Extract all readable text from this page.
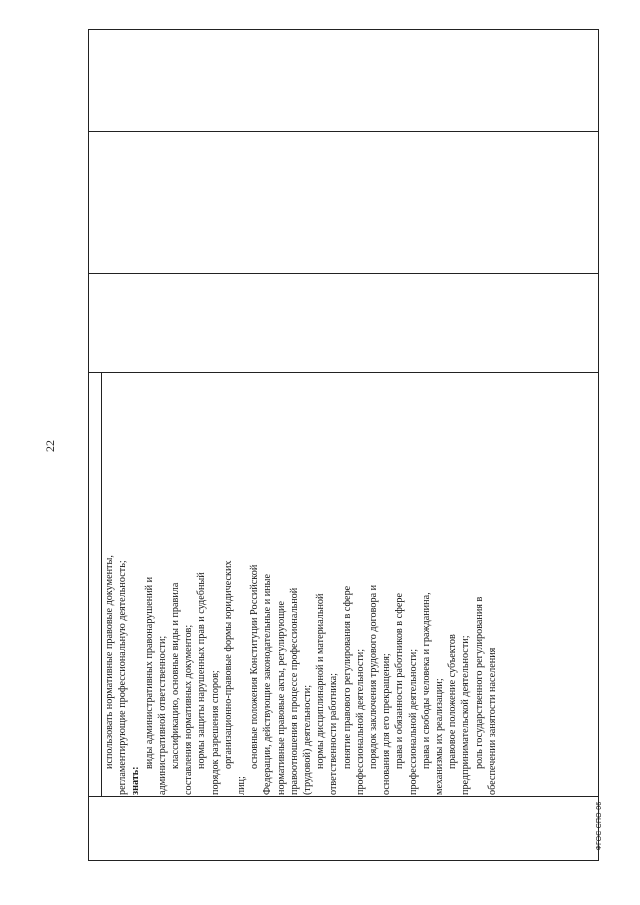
22

использовать нормативные правовые документы, регламентирующие профессиональную деятельность; знать:

виды административных правонарушений и административной ответственности; классификацию, основные виды и правила составления нормативных документов; нормы защиты нарушенных прав и судебный порядок разрешения споров; организационно-правовые формы юридических

лиц;

основные положения Конституции Российской Федерации, действующие законодательные и иные нормативные правовые акты, регулирующие правоотношения в процессе профессиональной (трудовой) деятельности; нормы дисциплинарной и материальной ответственности работника; понятие правового регулирования в сфере профессиональной деятельности; порядок заключения трудового договора и основания для его прекращения; права и обязанности работников в сфере профессиональной деятельности; права и свободы человека и гражданина, механизмы их реализации; правовое положение субъектов предпринимательской деятельности; роль государственного регулирования в обеспечении занятости населения

ФГОС СПО-06
